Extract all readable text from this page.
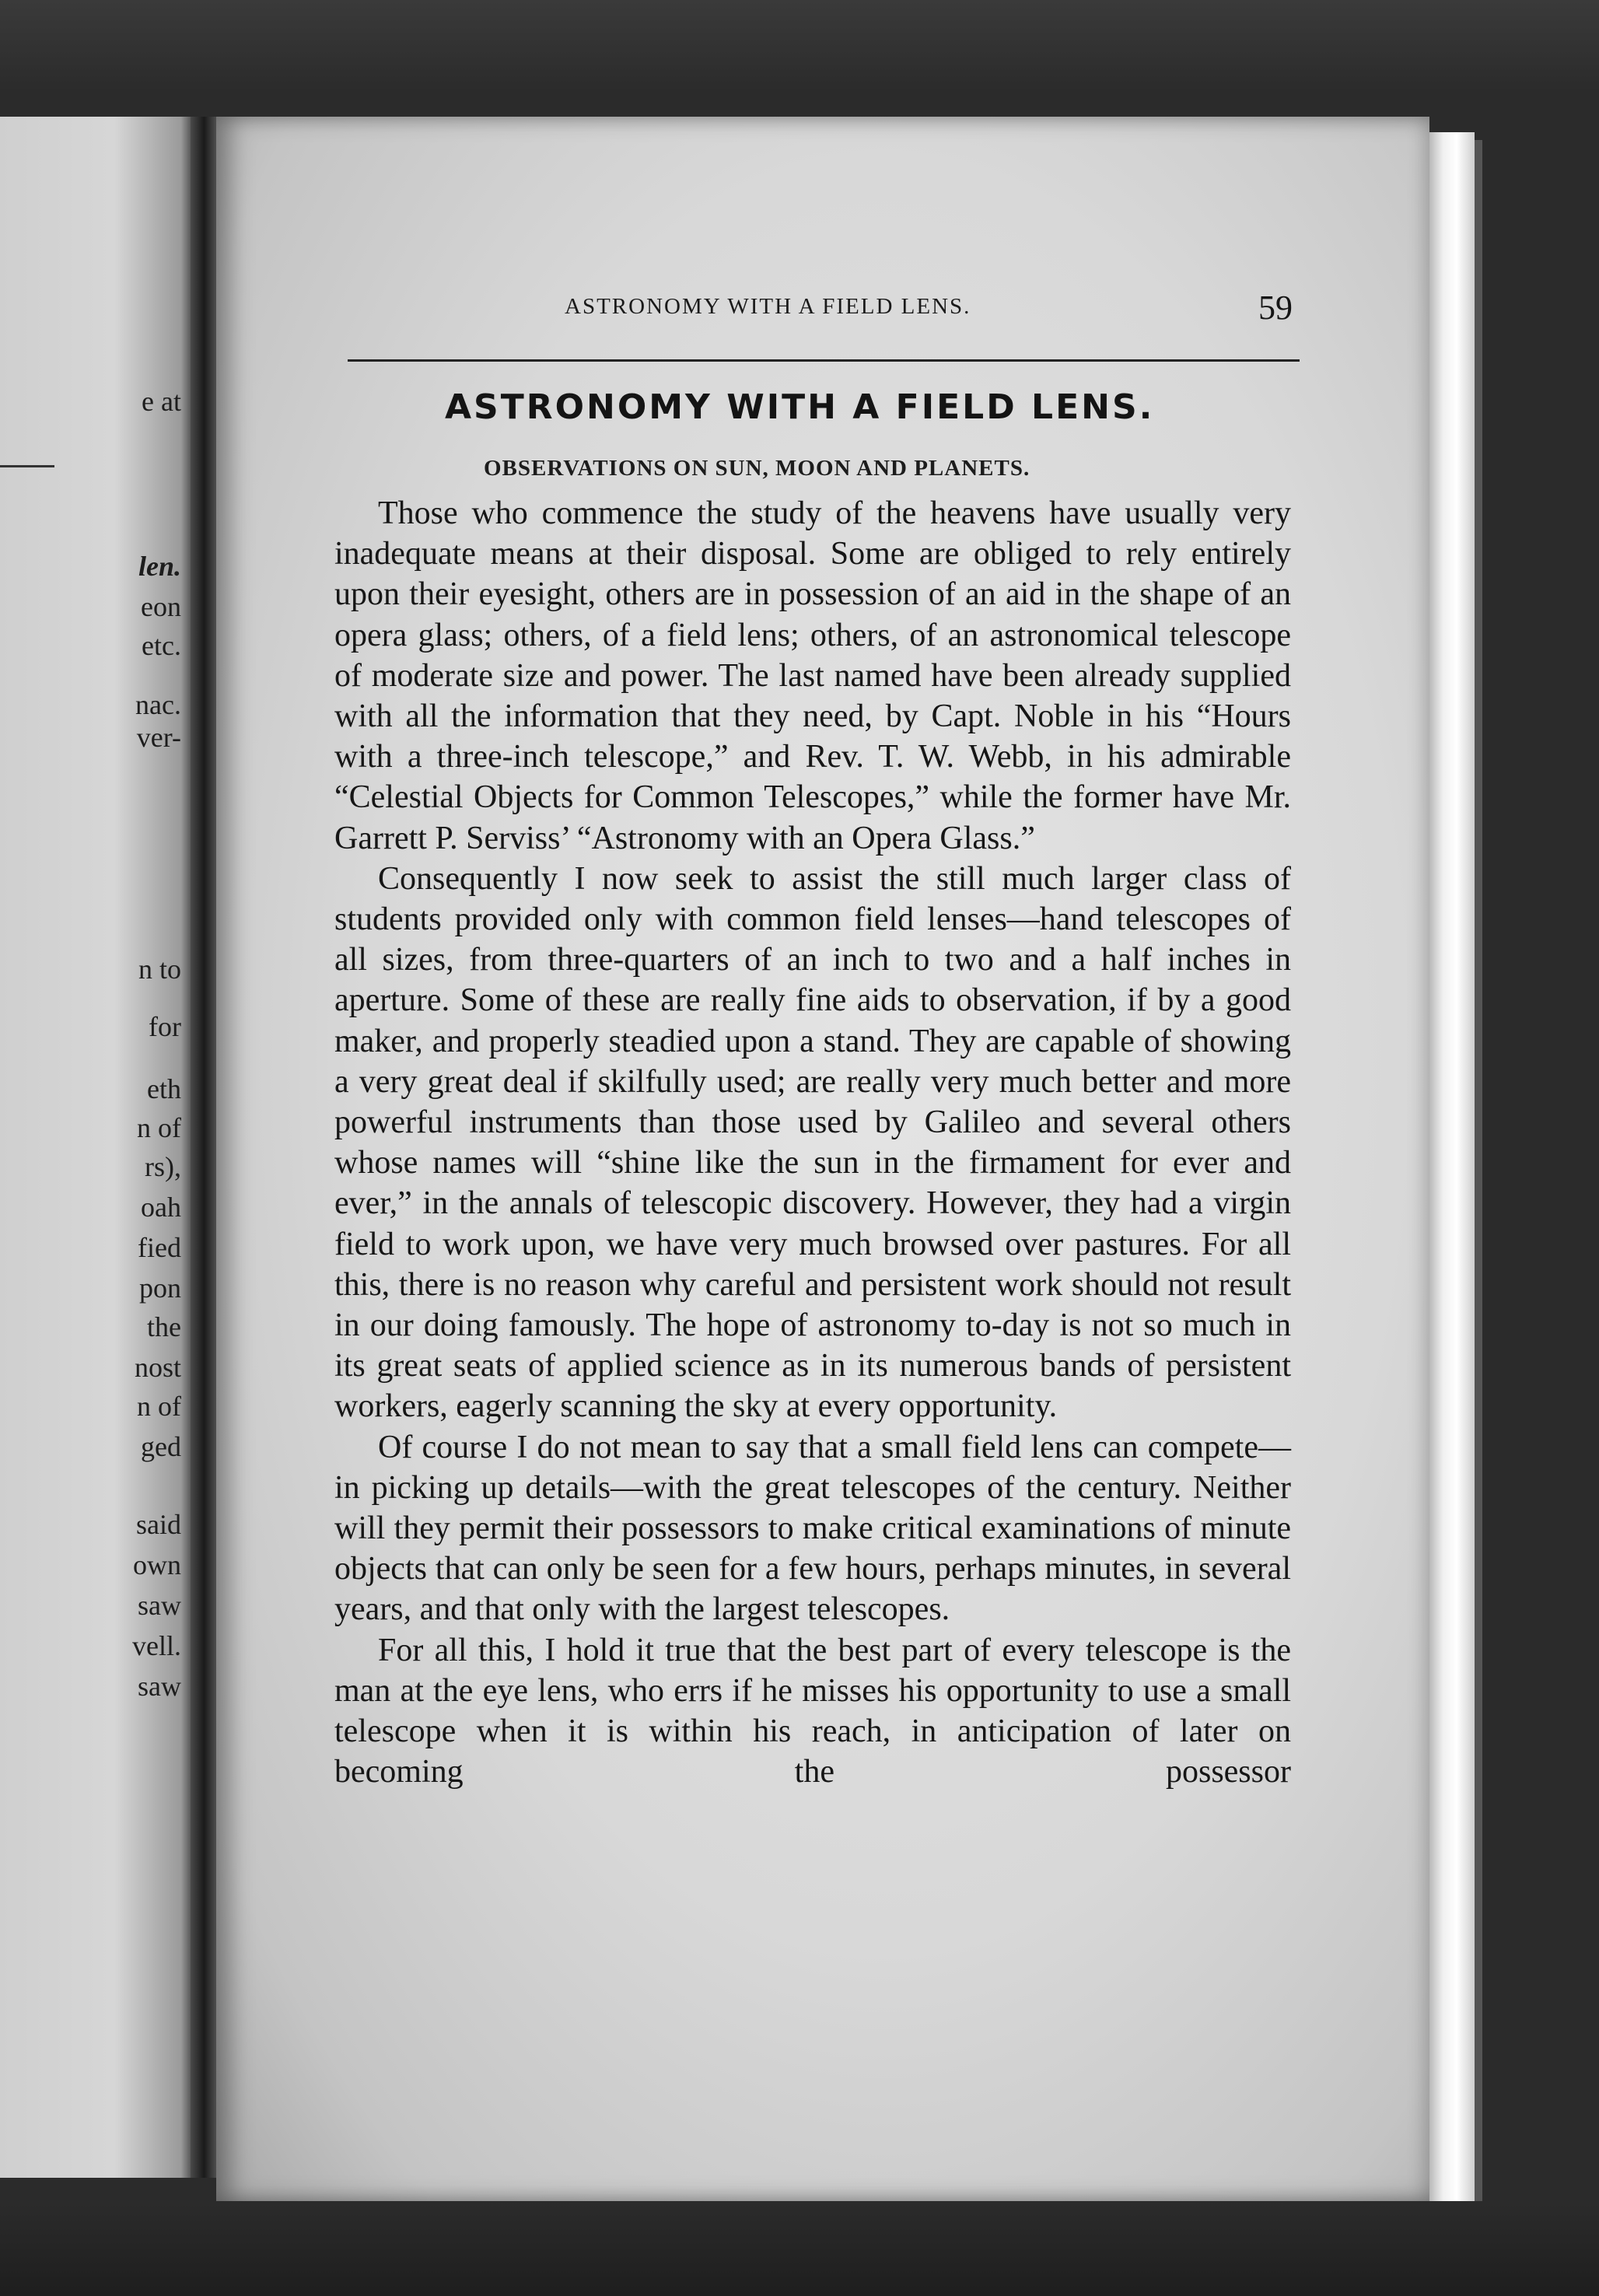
e at
len.
eon
etc.
nac.
ver-
n to
for
eth
n of
rs),
oah
fied
pon
the
nost
n of
ged
said
own
saw
vell.
saw
ASTRONOMY WITH A FIELD LENS.	59
ASTRONOMY WITH A FIELD LENS.
OBSERVATIONS ON SUN, MOON AND PLANETS.

Those who commence the study of the heavens have usually very inadequate means at their disposal. Some are obliged to rely entirely upon their eyesight, others are in possession of an aid in the shape of an opera glass; others, of a field lens; others, of an astronomical telescope of moderate size and power. The last named have been already supplied with all the information that they need, by Capt. Noble in his “Hours with a three-inch telescope,” and Rev. T. W. Webb, in his admirable “Celestial Objects for Common Telescopes,” while the former have Mr. Garrett P. Serviss’ “Astronomy with an Opera Glass.”

Consequently I now seek to assist the still much larger class of students provided only with common field lenses—hand telescopes of all sizes, from three-quarters of an inch to two and a half inches in aperture. Some of these are really fine aids to observation, if by a good maker, and properly steadied upon a stand. They are capable of showing a very great deal if skilfully used; are really very much better and more powerful instruments than those used by Galileo and several others whose names will “shine like the sun in the firmament for ever and ever,” in the annals of telescopic discovery. However, they had a virgin field to work upon, we have very much browsed over pastures. For all this, there is no reason why careful and persistent work should not result in our doing famously. The hope of astronomy to-day is not so much in its great seats of applied science as in its numerous bands of persistent workers, eagerly scanning the sky at every opportunity.

Of course I do not mean to say that a small field lens can compete—in picking up details—with the great telescopes of the century. Neither will they permit their possessors to make critical examinations of minute objects that can only be seen for a few hours, perhaps minutes, in several years, and that only with the largest telescopes.

For all this, I hold it true that the best part of every telescope is the man at the eye lens, who errs if he misses his opportunity to use a small telescope when it is within his reach, in anticipation of later on becoming the possessor
